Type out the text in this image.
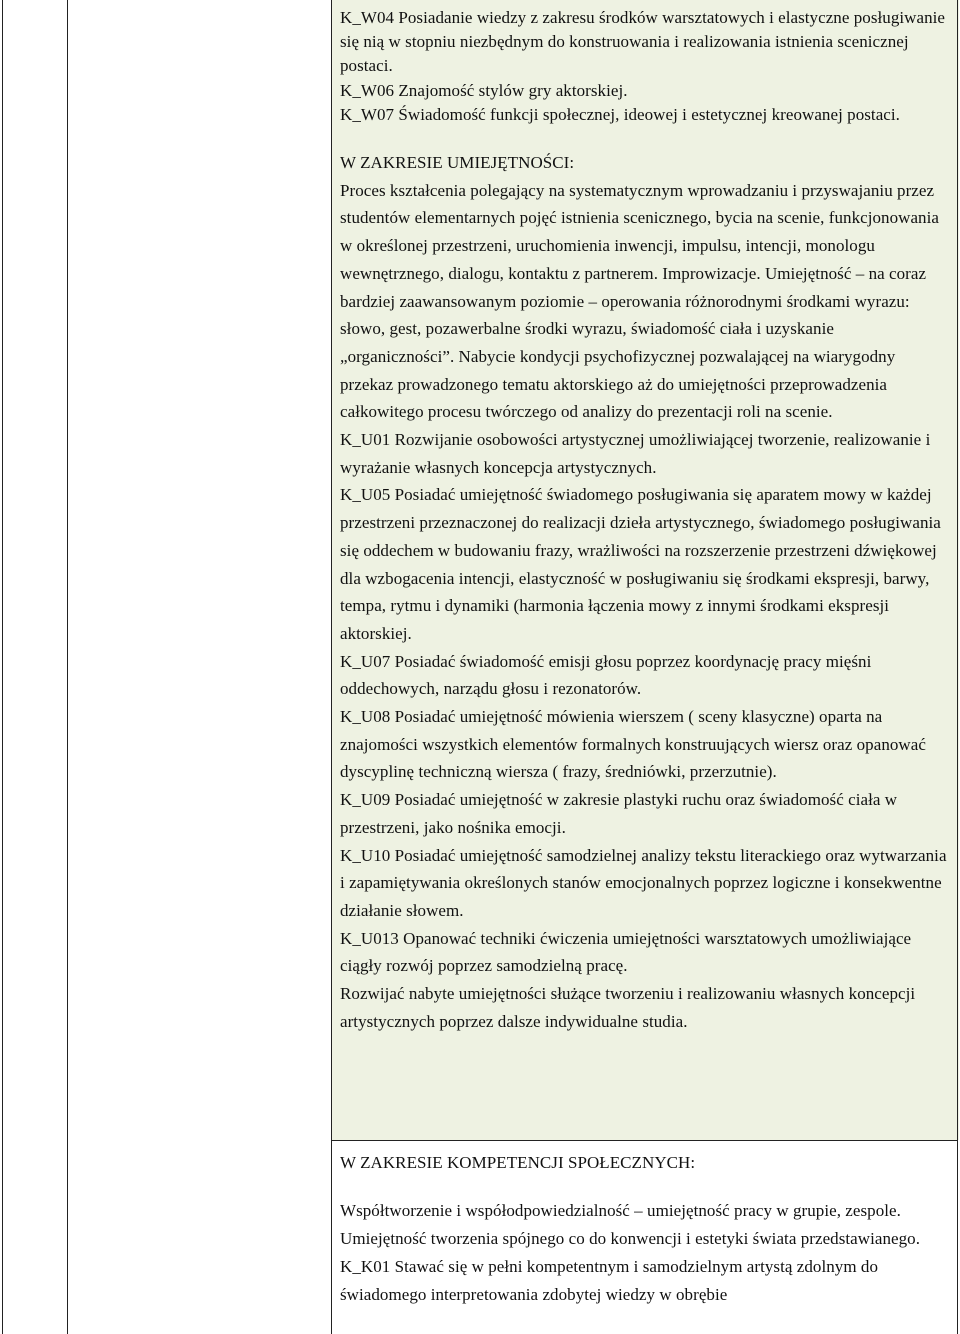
K_W04 Posiadanie wiedzy z zakresu środków warsztatowych i elastyczne posługiwanie się nią w stopniu niezbędnym do konstruowania i realizowania istnienia scenicznej postaci.
K_W06 Znajomość stylów gry aktorskiej.
K_W07 Świadomość funkcji społecznej, ideowej i estetycznej kreowanej postaci.
W ZAKRESIE UMIEJĘTNOŚCI:
Proces kształcenia polegający na systematycznym wprowadzaniu i przyswajaniu przez studentów elementarnych pojęć istnienia scenicznego, bycia na scenie, funkcjonowania w określonej przestrzeni, uruchomienia inwencji, impulsu, intencji, monologu wewnętrznego, dialogu, kontaktu z partnerem. Improwizacje. Umiejętność – na coraz bardziej zaawansowanym poziomie – operowania różnorodnymi środkami wyrazu: słowo, gest, pozawerbalne środki wyrazu, świadomość ciała i uzyskanie „organiczności”. Nabycie kondycji psychofizycznej pozwalającej na wiarygodny przekaz prowadzonego tematu aktorskiego aż do umiejętności przeprowadzenia całkowitego procesu twórczego od analizy do prezentacji roli na scenie.
K_U01 Rozwijanie osobowości artystycznej umożliwiającej tworzenie, realizowanie i wyrażanie własnych koncepcja artystycznych.
K_U05 Posiadać umiejętność świadomego posługiwania się aparatem mowy w każdej przestrzeni przeznaczonej do realizacji dzieła artystycznego, świadomego posługiwania się oddechem w budowaniu frazy, wrażliwości na rozszerzenie przestrzeni dźwiękowej dla wzbogacenia intencji, elastyczność w posługiwaniu się środkami ekspresji, barwy, tempa, rytmu i dynamiki (harmonia łączenia mowy z innymi środkami ekspresji aktorskiej.
K_U07 Posiadać świadomość emisji głosu poprzez koordynację pracy mięśni oddechowych, narządu głosu i rezonatorów.
K_U08 Posiadać umiejętność mówienia wierszem ( sceny klasyczne) oparta na znajomości wszystkich elementów formalnych konstruujących wiersz oraz opanować dyscyplinę techniczną wiersza ( frazy, średniówki, przerzutnie).
K_U09 Posiadać umiejętność w zakresie plastyki ruchu oraz świadomość ciała w przestrzeni, jako nośnika emocji.
K_U10 Posiadać umiejętność samodzielnej analizy tekstu literackiego oraz wytwarzania i zapamiętywania określonych stanów emocjonalnych poprzez logiczne i konsekwentne działanie słowem.
K_U013 Opanować techniki ćwiczenia umiejętności warsztatowych umożliwiające ciągły rozwój poprzez samodzielną pracę.
Rozwijać nabyte umiejętności służące tworzeniu i realizowaniu własnych koncepcji artystycznych poprzez dalsze indywidualne studia.
W ZAKRESIE KOMPETENCJI SPOŁECZNYCH:
Współtworzenie i współodpowiedzialność – umiejętność pracy w grupie, zespole. Umiejętność tworzenia spójnego co do konwencji i estetyki świata przedstawianego.
K_K01 Stawać się w pełni kompetentnym i samodzielnym artystą zdolnym do świadomego interpretowania zdobytej wiedzy w obrębie
